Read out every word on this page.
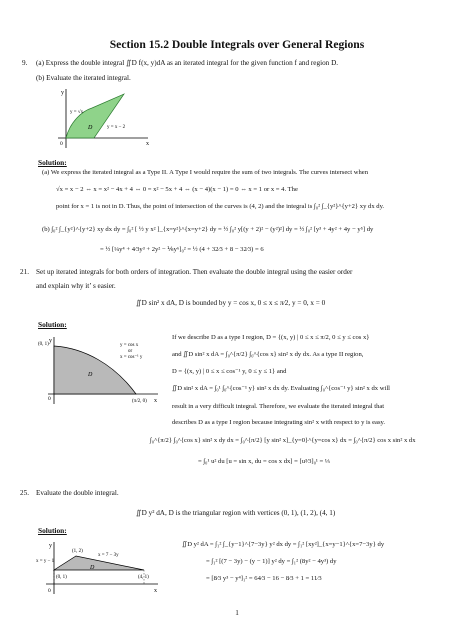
Section 15.2 Double Integrals over General Regions
9. (a) Express the double integral ∬D f(x, y)dA as an iterated integral for the given function f and region D.
(b) Evaluate the iterated integral.
y
x
0
D
y = √x
y = x − 2
Solution:
(a) We express the iterated integral as a Type II. A Type I would require the sum of two integrals. The curves intersect when
√x = x − 2 ⇔ x = x² − 4x + 4 ⇔ 0 = x² − 5x + 4 ⇔ (x − 4)(x − 1) = 0 ⇔ x = 1 or x = 4. The
point for x = 1 is not in D. Thus, the point of intersection of the curves is (4, 2) and the integral is ∫₀² ∫_{y²}^{y+2} xy dx dy.
(b) ∫₀² ∫_{y²}^{y+2} xy dx dy = ∫₀² [ ½ y x² ]_{x=y²}^{x=y+2} dy = ½ ∫₀² y[(y + 2)² − (y²)²] dy = ½ ∫₀² [y³ + 4y² + 4y − y⁵] dy
= ½ [¼y⁴ + 4⁄3y³ + 2y² − ⅙y⁶]₀² = ½ (4 + 32⁄3 + 8 − 32⁄3) = 6
21. Set up iterated integrals for both orders of integration. Then evaluate the double integral using the easier order
and explain why it’ s easier.
∬D sin² x dA, D is bounded by y = cos x, 0 ≤ x ≤ π⁄2, y = 0, x = 0
Solution:
y
x
0
(0, 1)
(π/2, 0)
D
y = cos x
or
x = cos⁻¹ y
If we describe D as a type I region, D = {(x, y) | 0 ≤ x ≤ π/2, 0 ≤ y ≤ cos x}
and ∬D sin² x dA = ∫₀^{π/2} ∫₀^{cos x} sin² x dy dx. As a type II region,
D = {(x, y) | 0 ≤ x ≤ cos⁻¹ y, 0 ≤ y ≤ 1} and
∬D sin² x dA = ∫₀¹ ∫₀^{cos⁻¹ y} sin² x dx dy. Evaluating ∫₀^{cos⁻¹ y} sin² x dx will
result in a very difficult integral. Therefore, we evaluate the iterated integral that
describes D as a type I region because integrating sin² x with respect to y is easy.
∫₀^{π/2} ∫₀^{cos x} sin² x dy dx = ∫₀^{π/2} [y sin² x]_{y=0}^{y=cos x} dx = ∫₀^{π/2} cos x sin² x dx
= ∫₀¹ u² du [u = sin x, du = cos x dx] = [u³⁄3]₀¹ = ⅓
25. Evaluate the double integral.
∬D y² dA, D is the triangular region with vertices (0, 1), (1, 2), (4, 1)
Solution:
y
x
0
D
(1, 2)
(0, 1)	(4, 1)
x = y − 1
x = 7 − 3y
∬D y² dA = ∫₁² ∫_{y−1}^{7−3y} y² dx dy = ∫₁² [xy²]_{x=y−1}^{x=7−3y} dy
= ∫₁² [(7 − 3y) − (y − 1)] y² dy = ∫₁² (8y² − 4y³) dy
= [8⁄3 y³ − y⁴]₁² = 64⁄3 − 16 − 8⁄3 + 1 = 11⁄3
1
